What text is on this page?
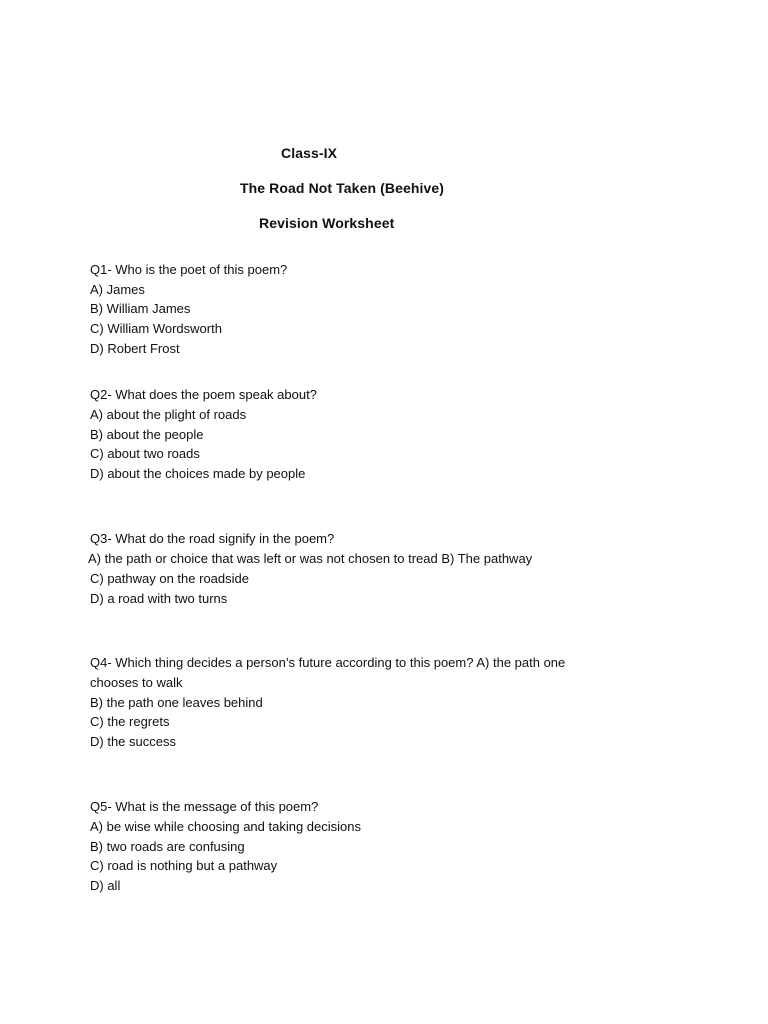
Class-IX
The Road Not Taken (Beehive)
Revision Worksheet
Q1- Who is the poet of this poem?
A) James
B) William James
C) William Wordsworth
D) Robert Frost
Q2- What does the poem speak about?
A) about the plight of roads
B) about the people
C) about two roads
D) about the choices made by people
Q3- What do the road signify in the poem?
A) the path or choice that was left or was not chosen to tread B) The pathway
C) pathway on the roadside
D) a road with two turns
Q4- Which thing decides a person’s future according to this poem? A) the path one
chooses to walk
B) the path one leaves behind
C) the regrets
D) the success
Q5- What is the message of this poem?
A) be wise while choosing and taking decisions
B) two roads are confusing
C) road is nothing but a pathway
D) all
